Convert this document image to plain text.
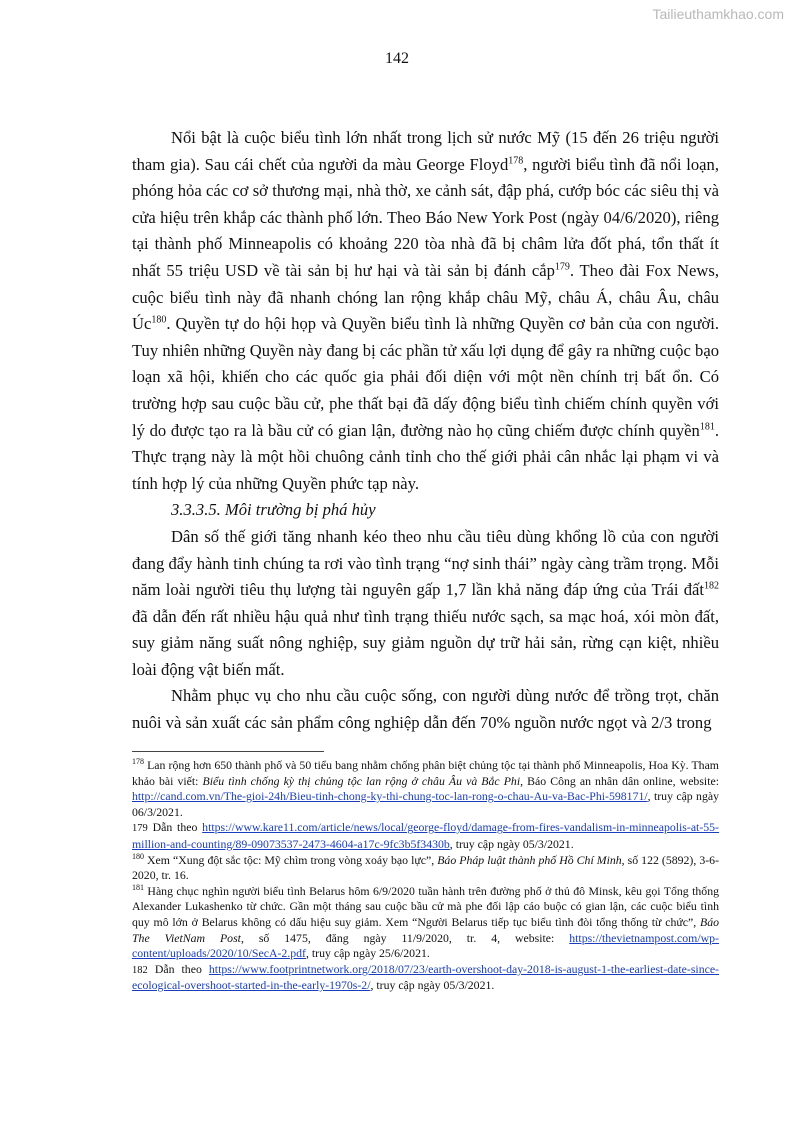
Tailieuthamkhao.com
142

Nổi bật là cuộc biểu tình lớn nhất trong lịch sử nước Mỹ (15 đến 26 triệu người tham gia). Sau cái chết của người da màu George Floyd$^{178}$, người biểu tình đã nổi loạn, phóng hỏa các cơ sở thương mại, nhà thờ, xe cảnh sát, đập phá, cướp bóc các siêu thị và cửa hiệu trên khắp các thành phố lớn. Theo Báo New York Post (ngày 04/6/2020), riêng tại thành phố Minneapolis có khoảng 220 tòa nhà đã bị châm lửa đốt phá, tổn thất ít nhất 55 triệu USD về tài sản bị hư hại và tài sản bị đánh cắp$^{179}$. Theo đài Fox News, cuộc biểu tình này đã nhanh chóng lan rộng khắp châu Mỹ, châu Á, châu Âu, châu $Úc^{180}$. Quyền tự do hội họp và Quyền biểu tình là những Quyền cơ bản của con người. Tuy nhiên những Quyền này đang bị các phần tử xấu lợi dụng để gây ra những cuộc bạo loạn xã hội, khiến cho các quốc gia phải đối diện với một nền chính trị bất ổn. Có trường hợp sau cuộc bầu cử, phe thất bại đã dấy động biểu tình chiếm chính quyền với lý do được tạo ra là bầu cử có gian lận, đường nào họ cũng chiếm được chính quyền$^{181}$. Thực trạng này là một hồi chuông cảnh tỉnh cho thế giới phải cân nhắc lại phạm vi và tính hợp lý của những Quyền phức tạp này.

3.3.3.5. Môi trường bị phá hủy

Dân số thế giới tăng nhanh kéo theo nhu cầu tiêu dùng khổng lồ của con người đang đẩy hành tinh chúng ta rơi vào tình trạng “nợ sinh thái” ngày càng trầm trọng. Mỗi năm loài người tiêu thụ lượng tài nguyên gấp 1,7 lần khả năng đáp ứng của Trái đất$^{182}$ đã dẫn đến rất nhiều hậu quả như tình trạng thiếu nước sạch, sa mạc hoá, xói mòn đất, suy giảm năng suất nông nghiệp, suy giảm nguồn dự trữ hải sản, rừng cạn kiệt, nhiều loài động vật biến mất.

Nhằm phục vụ cho nhu cầu cuộc sống, con người dùng nước để trồng trọt, chăn nuôi và sản xuất các sản phẩm công nghiệp dẫn đến 70% nguồn nước ngọt và 2/3 trong

$^{178}$ Lan rộng hơn 650 thành phố và 50 tiểu bang nhằm chống phân biệt chủng tộc tại thành phố Minneapolis, Hoa Kỳ. Tham khảo bài viết: Biểu tình chống kỳ thị chủng tộc lan rộng ở châu Âu và Bắc Phi, Báo Công an nhân dân online, website: http://cand.com.vn/The-gioi-24h/Bieu-tinh-chong-ky-thi-chung-toc-lan-rong-o-chau-Au-va-Bac-Phi-598171/, truy cập ngày 06/3/2021.

179 Dẫn theo https://www.kare11.com/article/news/local/george-floyd/damage-from-fires-vandalism-in-minneapolis-at-55-million-and-counting/89-09073537-2473-4604-a17c-9fc3b5f3430b, truy cập ngày 05/3/2021.

$^{180}$ Xem “Xung đột sắc tộc: Mỹ chìm trong vòng xoáy bạo lực”, Báo Pháp luật thành phố Hồ Chí Minh, số 122 (5892), 3-6-2020, tr. 16.

$^{181}$ Hàng chục nghìn người biểu tình Belarus hôm 6/9/2020 tuần hành trên đường phố ở thủ đô Minsk, kêu gọi Tổng thống Alexander Lukashenko từ chức. Gần một tháng sau cuộc bầu cử mà phe đối lập cáo buộc có gian lận, các cuộc biểu tình quy mô lớn ở Belarus không có dấu hiệu suy giảm. Xem “Người Belarus tiếp tục biểu tình đòi tổng thống từ chức”, Báo The VietNam Post, số 1475, đăng ngày 11/9/2020, tr. 4, website: https://thevietnampost.com/wp-content/uploads/2020/10/SecA-2.pdf, truy cập ngày 25/6/2021.

182 Dẫn theo https://www.footprintnetwork.org/2018/07/23/earth-overshoot-day-2018-is-august-1-the-earliest-date-since-ecological-overshoot-started-in-the-early-1970s-2/, truy cập ngày 05/3/2021.
